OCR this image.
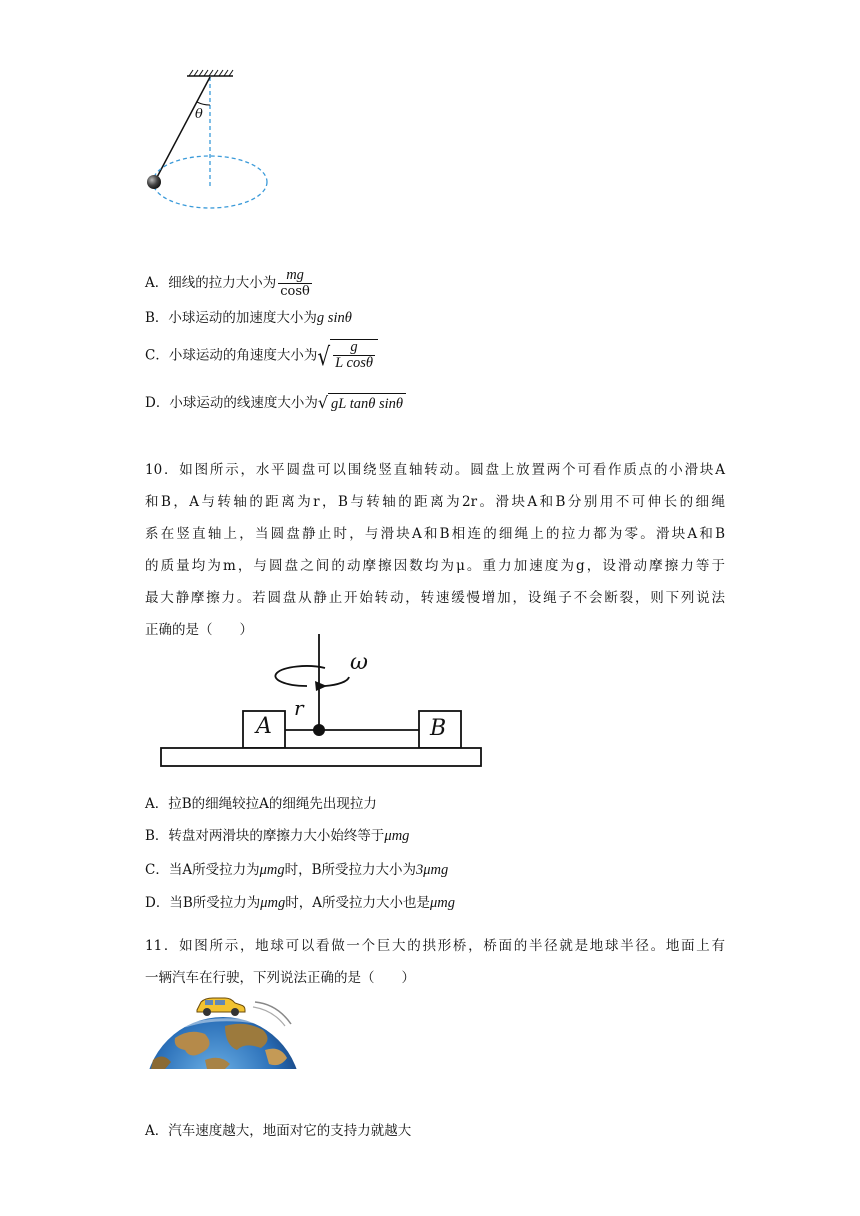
θ
A．细线的拉力大小为 $\frac{mg}{\cos\theta}$
B．小球运动的加速度大小为g sinθ
C．小球运动的角速度大小为 √ $\frac{g}{\text{L cosθ}}$
D．小球运动的线速度大小为 √ gL tanθ sinθ
10．如图所示，水平圆盘可以围绕竖直轴转动。圆盘上放置两个可看作质点的小滑块A
和B，A与转轴的距离为r，B与转轴的距离为2r。滑块A和B分别用不可伸长的细绳
系在竖直轴上，当圆盘静止时，与滑块A和B相连的细绳上的拉力都为零。滑块A和B
的质量均为m，与圆盘之间的动摩擦因数均为μ。重力加速度为g，设滑动摩擦力等于
最大静摩擦力。若圆盘从静止开始转动，转速缓慢增加，设绳子不会断裂，则下列说法
正确的是（　　）
ω
r
A	B
A．拉B的细绳较拉A的细绳先出现拉力
B．转盘对两滑块的摩擦力大小始终等于μmg
C．当A所受拉力为μmg时，B所受拉力大小为3μmg
D．当B所受拉力为μmg时，A所受拉力大小也是μmg
11．如图所示，地球可以看做一个巨大的拱形桥，桥面的半径就是地球半径。地面上有
一辆汽车在行驶，下列说法正确的是（　　）
A．汽车速度越大，地面对它的支持力就越大
